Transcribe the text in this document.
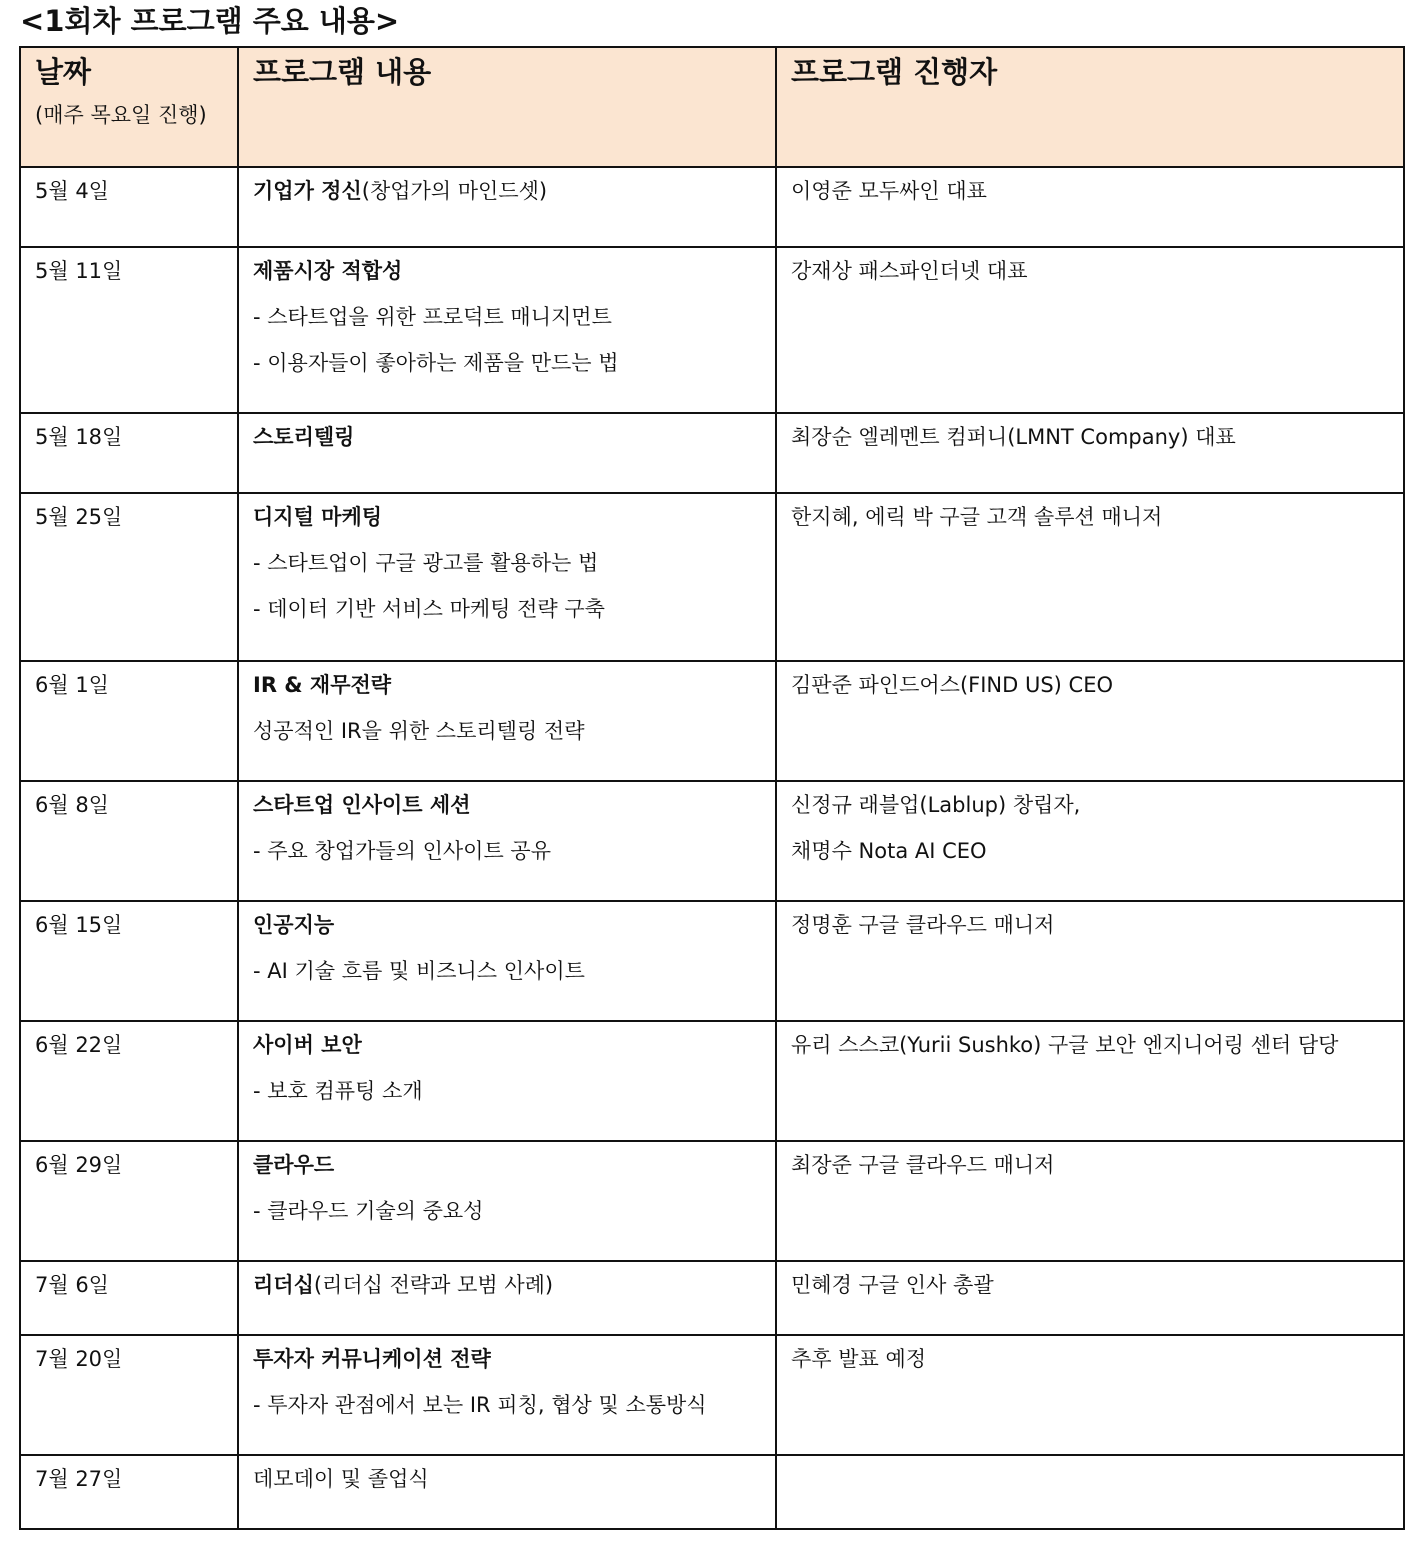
<1회차 프로그램 주요 내용>
날짜
(매주 목요일 진행)	프로그램 내용	프로그램 진행자

5월 4일	기업가 정신(창업가의 마인드셋)	이영준 모두싸인 대표

5월 11일	제품시장 적합성
- 스타트업을 위한 프로덕트 매니지먼트
- 이용자들이 좋아하는 제품을 만드는 법	강재상 패스파인더넷 대표

5월 18일	스토리텔링	최장순 엘레멘트 컴퍼니(LMNT Company) 대표

5월 25일	디지털 마케팅
- 스타트업이 구글 광고를 활용하는 법
- 데이터 기반 서비스 마케팅 전략 구축	한지혜, 에릭 박 구글 고객 솔루션 매니저

6월 1일	IR & 재무전략
성공적인 IR을 위한 스토리텔링 전략	김판준 파인드어스(FIND US) CEO

6월 8일	스타트업 인사이트 세션
- 주요 창업가들의 인사이트 공유	신정규 래블업(Lablup) 창립자,
채명수 Nota AI CEO

6월 15일	인공지능
- AI 기술 흐름 및 비즈니스 인사이트	정명훈 구글 클라우드 매니저

6월 22일	사이버 보안
- 보호 컴퓨팅 소개	유리 스스코(Yurii Sushko) 구글 보안 엔지니어링 센터 담당

6월 29일	클라우드
- 클라우드 기술의 중요성	최장준 구글 클라우드 매니저

7월 6일	리더십(리더십 전략과 모범 사례)	민혜경 구글 인사 총괄

7월 20일	투자자 커뮤니케이션 전략
- 투자자 관점에서 보는 IR 피칭, 협상 및 소통방식	추후 발표 예정

7월 27일	데모데이 및 졸업식	
